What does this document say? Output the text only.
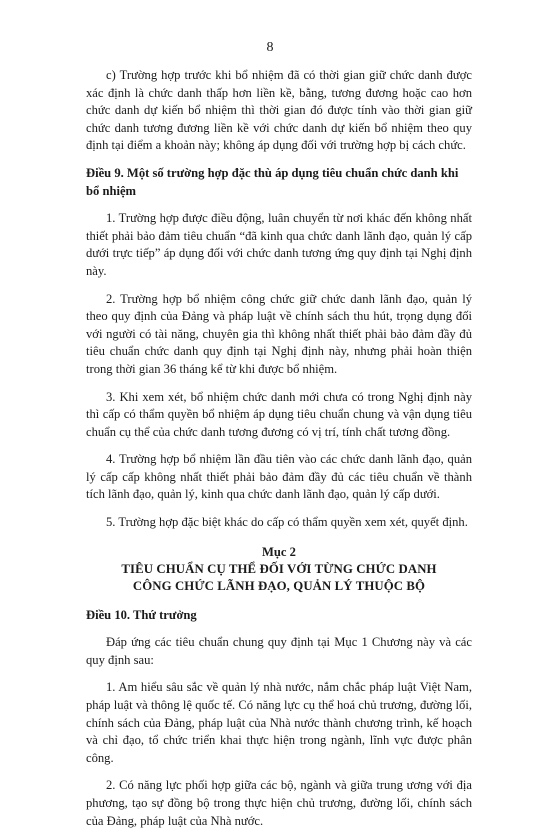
8

c) Trường hợp trước khi bổ nhiệm đã có thời gian giữ chức danh được xác định là chức danh thấp hơn liền kề, bằng, tương đương hoặc cao hơn chức danh dự kiến bổ nhiệm thì thời gian đó được tính vào thời gian giữ chức danh tương đương liền kề với chức danh dự kiến bổ nhiệm theo quy định tại điểm a khoản này; không áp dụng đối với trường hợp bị cách chức.

Điều 9. Một số trường hợp đặc thù áp dụng tiêu chuẩn chức danh khi bổ nhiệm

1. Trường hợp được điều động, luân chuyển từ nơi khác đến không nhất thiết phải bảo đảm tiêu chuẩn “đã kinh qua chức danh lãnh đạo, quản lý cấp dưới trực tiếp” áp dụng đối với chức danh tương ứng quy định tại Nghị định này.

2. Trường hợp bổ nhiệm công chức giữ chức danh lãnh đạo, quản lý theo quy định của Đảng và pháp luật về chính sách thu hút, trọng dụng đối với người có tài năng, chuyên gia thì không nhất thiết phải bảo đảm đầy đủ tiêu chuẩn chức danh quy định tại Nghị định này, nhưng phải hoàn thiện trong thời gian 36 tháng kể từ khi được bổ nhiệm.

3. Khi xem xét, bổ nhiệm chức danh mới chưa có trong Nghị định này thì cấp có thẩm quyền bổ nhiệm áp dụng tiêu chuẩn chung và vận dụng tiêu chuẩn cụ thể của chức danh tương đương có vị trí, tính chất tương đồng.

4. Trường hợp bổ nhiệm lần đầu tiên vào các chức danh lãnh đạo, quản lý cấp cấp không nhất thiết phải bảo đảm đầy đủ các tiêu chuẩn về thành tích lãnh đạo, quản lý, kinh qua chức danh lãnh đạo, quản lý cấp dưới.

5. Trường hợp đặc biệt khác do cấp có thẩm quyền xem xét, quyết định.

Mục 2
TIÊU CHUẨN CỤ THỂ ĐỐI VỚI TỪNG CHỨC DANH
CÔNG CHỨC LÃNH ĐẠO, QUẢN LÝ THUỘC BỘ
Điều 10. Thứ trưởng

Đáp ứng các tiêu chuẩn chung quy định tại Mục 1 Chương này và các quy định sau:

1. Am hiểu sâu sắc về quản lý nhà nước, nắm chắc pháp luật Việt Nam, pháp luật và thông lệ quốc tế. Có năng lực cụ thể hoá chủ trương, đường lối, chính sách của Đảng, pháp luật của Nhà nước thành chương trình, kế hoạch và chỉ đạo, tổ chức triển khai thực hiện trong ngành, lĩnh vực được phân công.

2. Có năng lực phối hợp giữa các bộ, ngành và giữa trung ương với địa phương, tạo sự đồng bộ trong thực hiện chủ trương, đường lối, chính sách của Đảng, pháp luật của Nhà nước.
